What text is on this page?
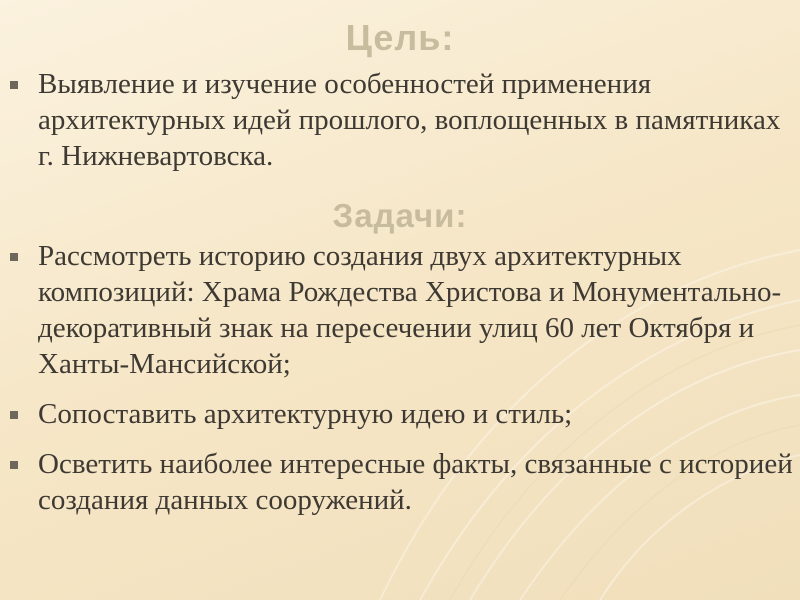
Цель:
Выявление и изучение особенностей применения архитектурных идей прошлого, воплощенных в памятниках г. Нижневартовска.
Задачи:
Рассмотреть историю создания двух архитектурных композиций: Храма Рождества Христова и Монументально-декоративный знак на пересечении улиц 60 лет Октября и Ханты-Мансийской;
Сопоставить архитектурную идею и стиль;
Осветить наиболее интересные факты, связанные с историей создания данных сооружений.
